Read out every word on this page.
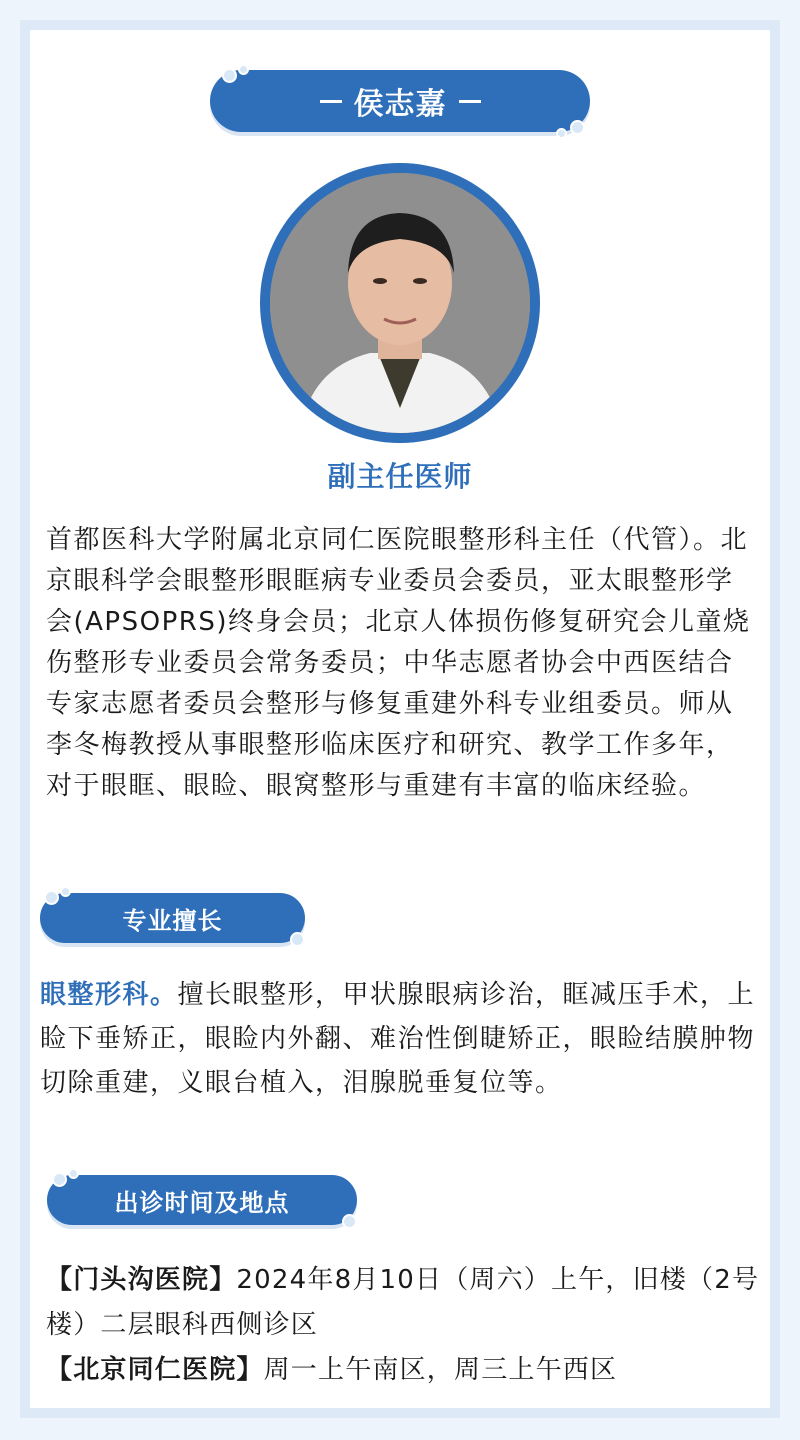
侯志嘉
副主任医师
首都医科大学附属北京同仁医院眼整形科主任（代管）。北京眼科学会眼整形眼眶病专业委员会委员，亚太眼整形学会(APSOPRS)终身会员；北京人体损伤修复研究会儿童烧伤整形专业委员会常务委员；中华志愿者协会中西医结合专家志愿者委员会整形与修复重建外科专业组委员。师从李冬梅教授从事眼整形临床医疗和研究、教学工作多年，对于眼眶、眼睑、眼窝整形与重建有丰富的临床经验。
专业擅长
眼整形科。擅长眼整形，甲状腺眼病诊治，眶减压手术，上睑下垂矫正，眼睑内外翻、难治性倒睫矫正，眼睑结膜肿物切除重建，义眼台植入，泪腺脱垂复位等。
出诊时间及地点
【门头沟医院】2024年8月10日（周六）上午，旧楼（2号楼）二层眼科西侧诊区
【北京同仁医院】周一上午南区，周三上午西区
